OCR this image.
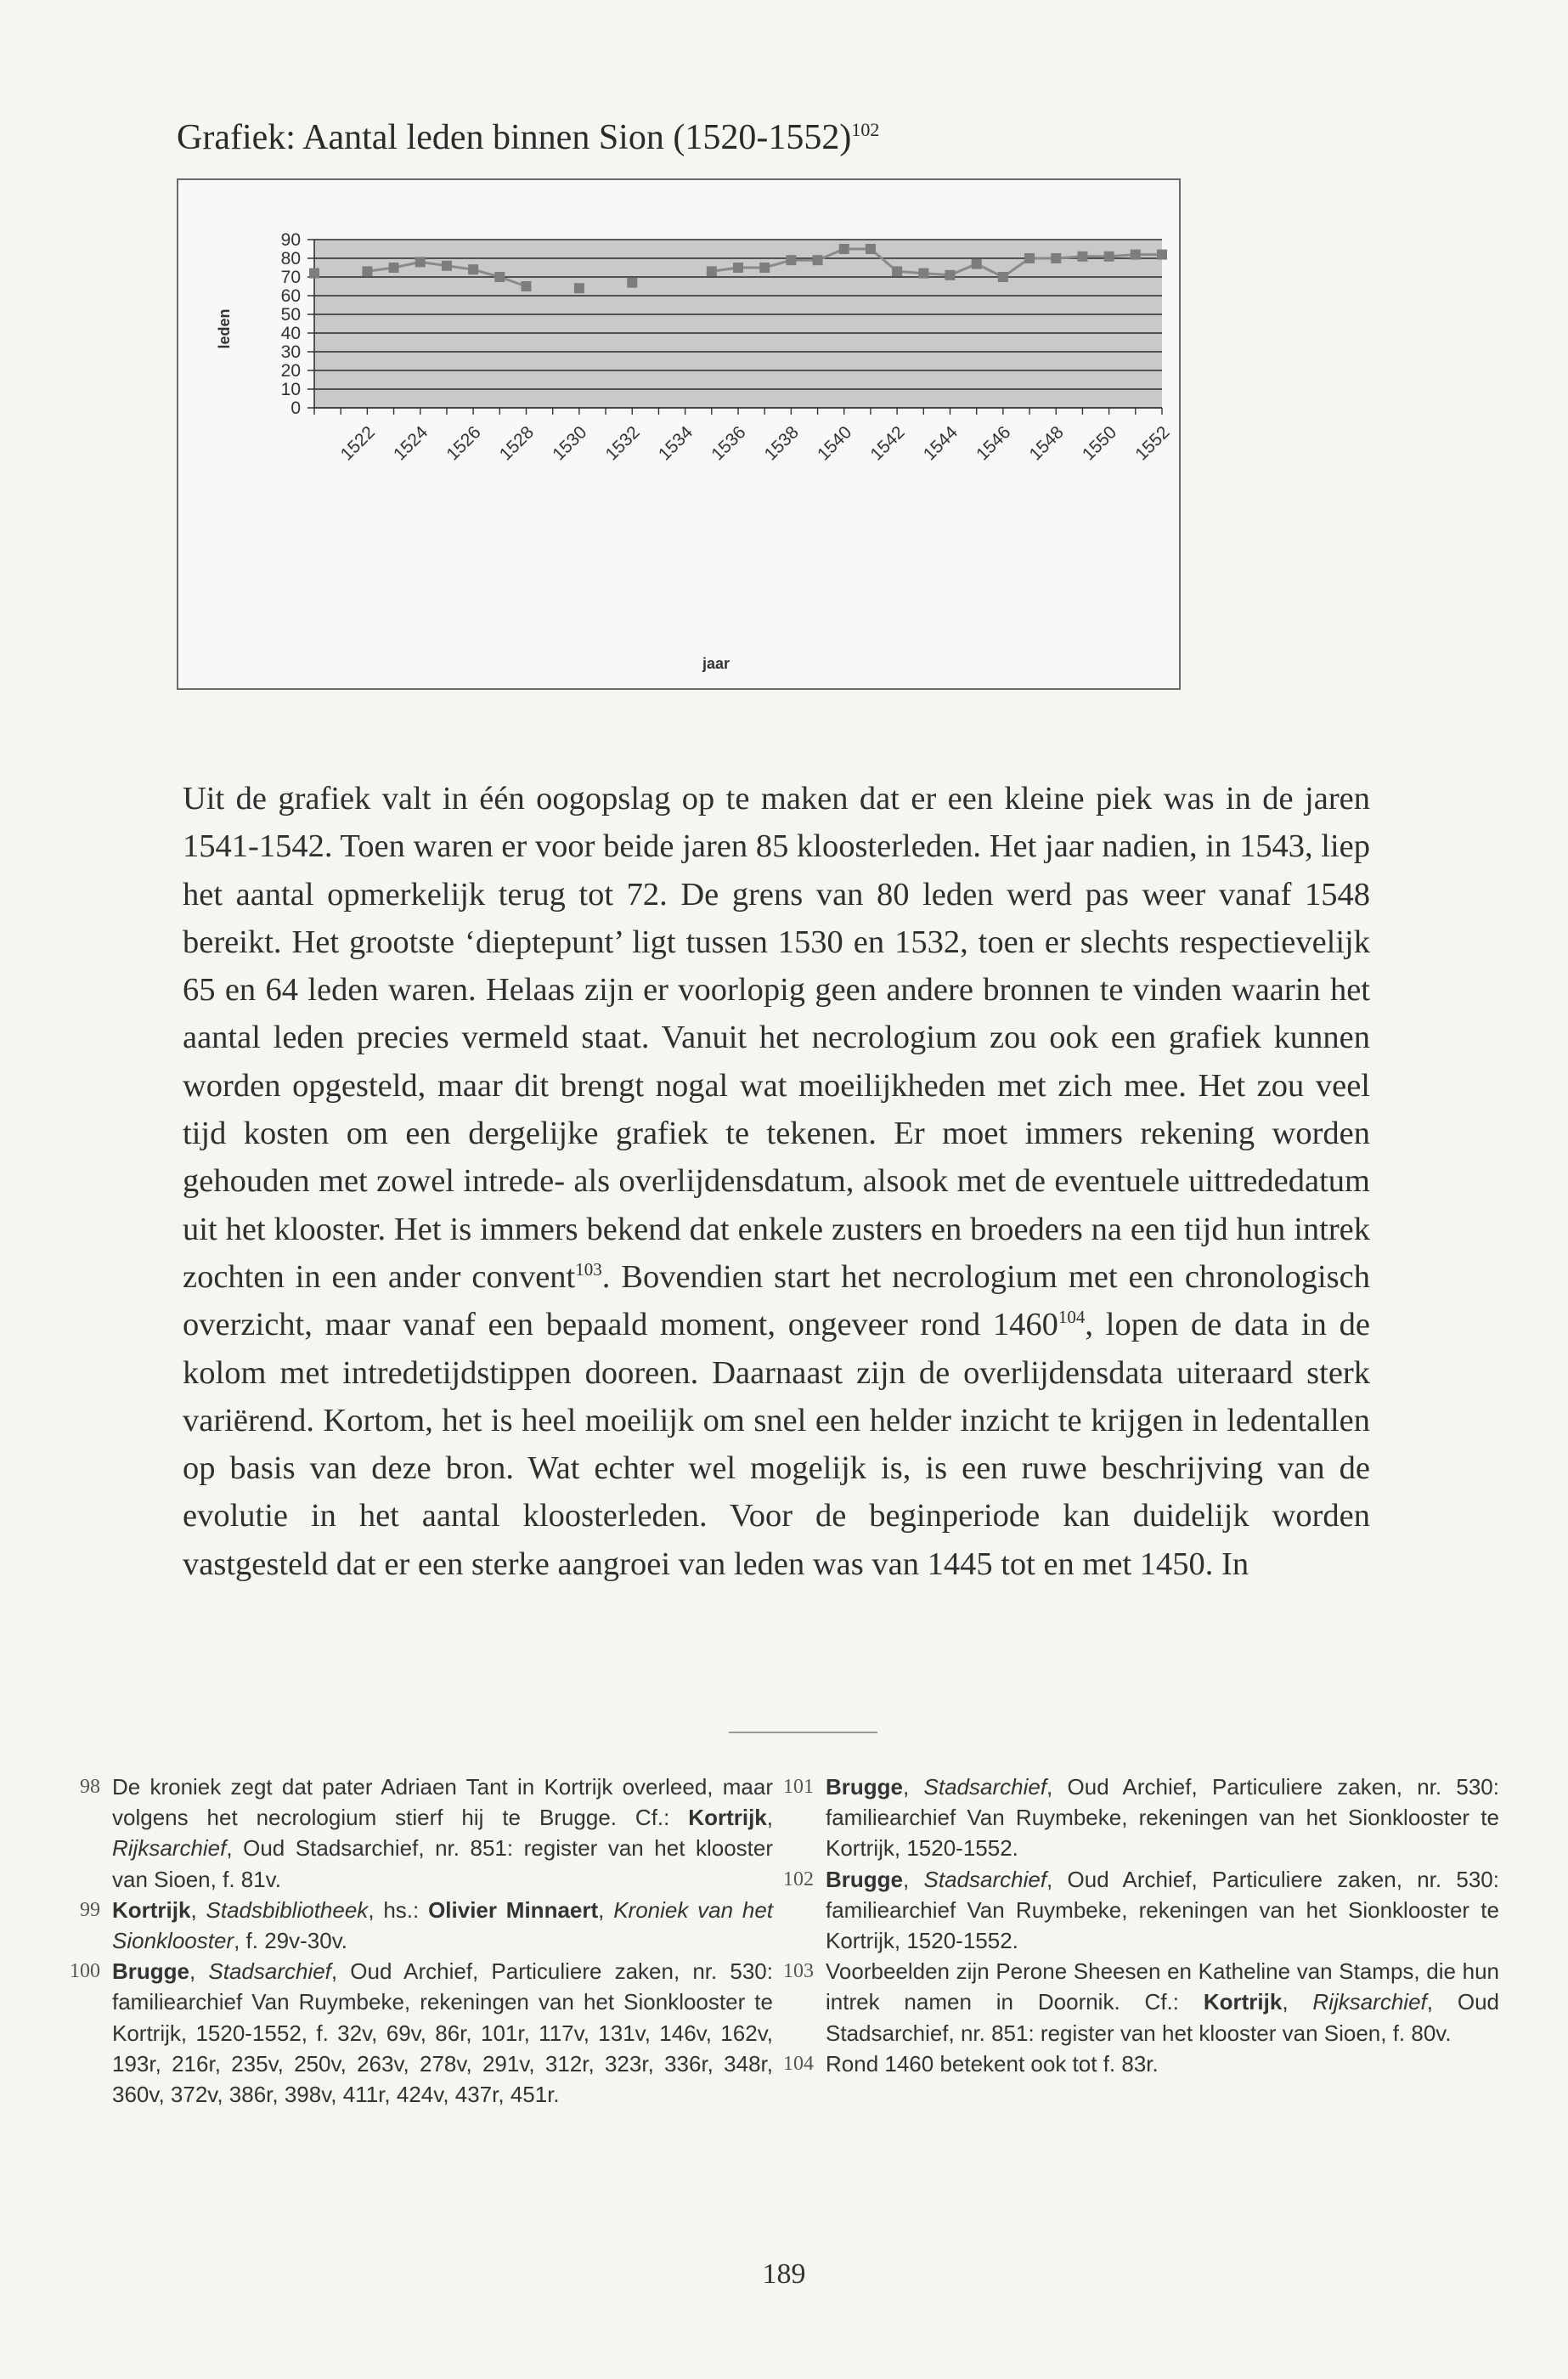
Grafiek: Aantal leden binnen Sion (1520-1552)$^{102}$
0
10
20
30
40
50
60
70
80
90
1522 1524 1526 1528 1530 1532 1534 1536 1538 1540 1542 1544 1546 1548 1550 1552
leden
jaar

Uit de grafiek valt in één oogopslag op te maken dat er een kleine piek was in de jaren 1541-1542. Toen waren er voor beide jaren 85 kloosterleden. Het jaar nadien, in 1543, liep het aantal opmerkelijk terug tot 72. De grens van 80 leden werd pas weer vanaf 1548 bereikt. Het grootste ‘dieptepunt’ ligt tussen 1530 en 1532, toen er slechts respectievelijk 65 en 64 leden waren. Helaas zijn er voorlopig geen andere bronnen te vinden waarin het aantal leden precies vermeld staat. Vanuit het necrologium zou ook een grafiek kunnen worden opgesteld, maar dit brengt nogal wat moeilijkheden met zich mee. Het zou veel tijd kosten om een dergelijke grafiek te tekenen. Er moet immers rekening worden gehouden met zowel intrede- als overlijdensdatum, alsook met de eventuele uittrededatum uit het klooster. Het is immers bekend dat enkele zusters en broeders na een tijd hun intrek zochten in een ander convent$^{103}$. Bovendien start het necrologium met een chronologisch overzicht, maar vanaf een bepaald moment, ongeveer rond 1460$^{104}$, lopen de data in de kolom met intredetijdstippen dooreen. Daarnaast zijn de overlijdensdata uiteraard sterk variërend. Kortom, het is heel moeilijk om snel een helder inzicht te krijgen in ledentallen op basis van deze bron. Wat echter wel mogelijk is, is een ruwe beschrijving van de evolutie in het aantal kloosterleden. Voor de beginperiode kan duidelijk worden vastgesteld dat er een sterke aangroei van leden was van 1445 tot en met 1450. In

98 De kroniek zegt dat pater Adriaen Tant in Kortrijk overleed, maar volgens het necrologium stierf hij te Brugge. Cf.: Kortrijk, Rijksarchief, Oud Stadsarchief, nr. 851: register van het klooster van Sioen, f. 81v.
99 Kortrijk, Stadsbibliotheek, hs.: Olivier Minnaert, Kroniek van het Sionklooster, f. 29v-30v.
100 Brugge, Stadsarchief, Oud Archief, Particuliere zaken, nr. 530: familiearchief Van Ruymbeke, rekeningen van het Sionklooster te Kortrijk, 1520-1552, f. 32v, 69v, 86r, 101r, 117v, 131v, 146v, 162v, 193r, 216r, 235v, 250v, 263v, 278v, 291v, 312r, 323r, 336r, 348r, 360v, 372v, 386r, 398v, 411r, 424v, 437r, 451r.
101 Brugge, Stadsarchief, Oud Archief, Particuliere zaken, nr. 530: familiearchief Van Ruymbeke, rekeningen van het Sionklooster te Kortrijk, 1520-1552.
102 Brugge, Stadsarchief, Oud Archief, Particuliere zaken, nr. 530: familiearchief Van Ruymbeke, rekeningen van het Sionklooster te Kortrijk, 1520-1552.
103 Voorbeelden zijn Perone Sheesen en Katheline van Stamps, die hun intrek namen in Doornik. Cf.: Kortrijk, Rijksarchief, Oud Stadsarchief, nr. 851: register van het klooster van Sioen, f. 80v.
104 Rond 1460 betekent ook tot f. 83r.
189
